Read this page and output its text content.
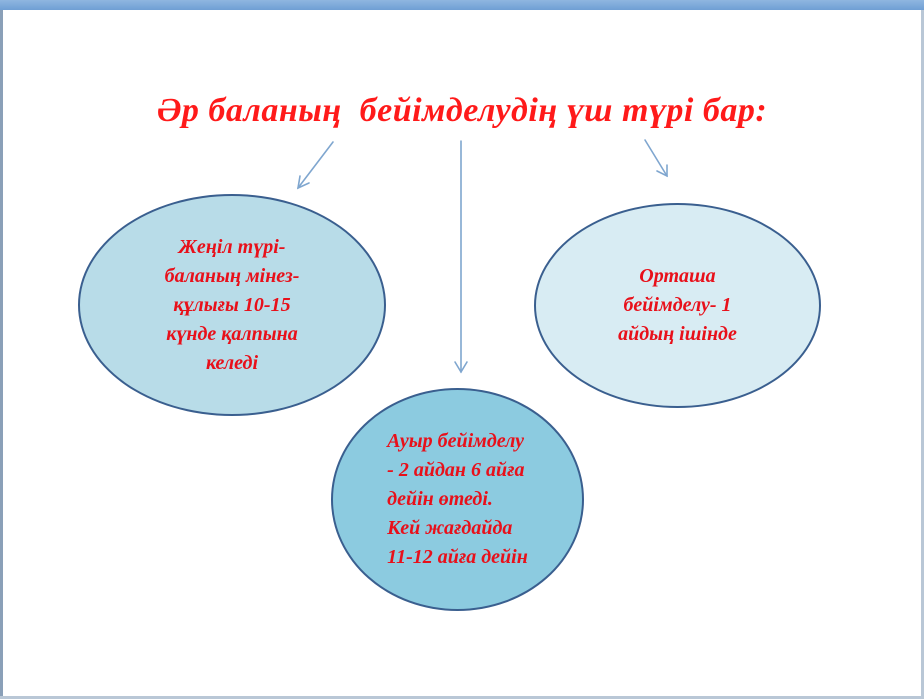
Әр баланың  бейімделудің үш түрі бар:
Жеңіл түрі-
баланың мінез-
құлығы 10-15
күнде қалпына
келеді
Орташа
бейімделу- 1
айдың ішінде
Ауыр бейімделу
- 2 айдан 6 айға
дейін өтеді.
Кей жағдайда
11-12 айға дейін
